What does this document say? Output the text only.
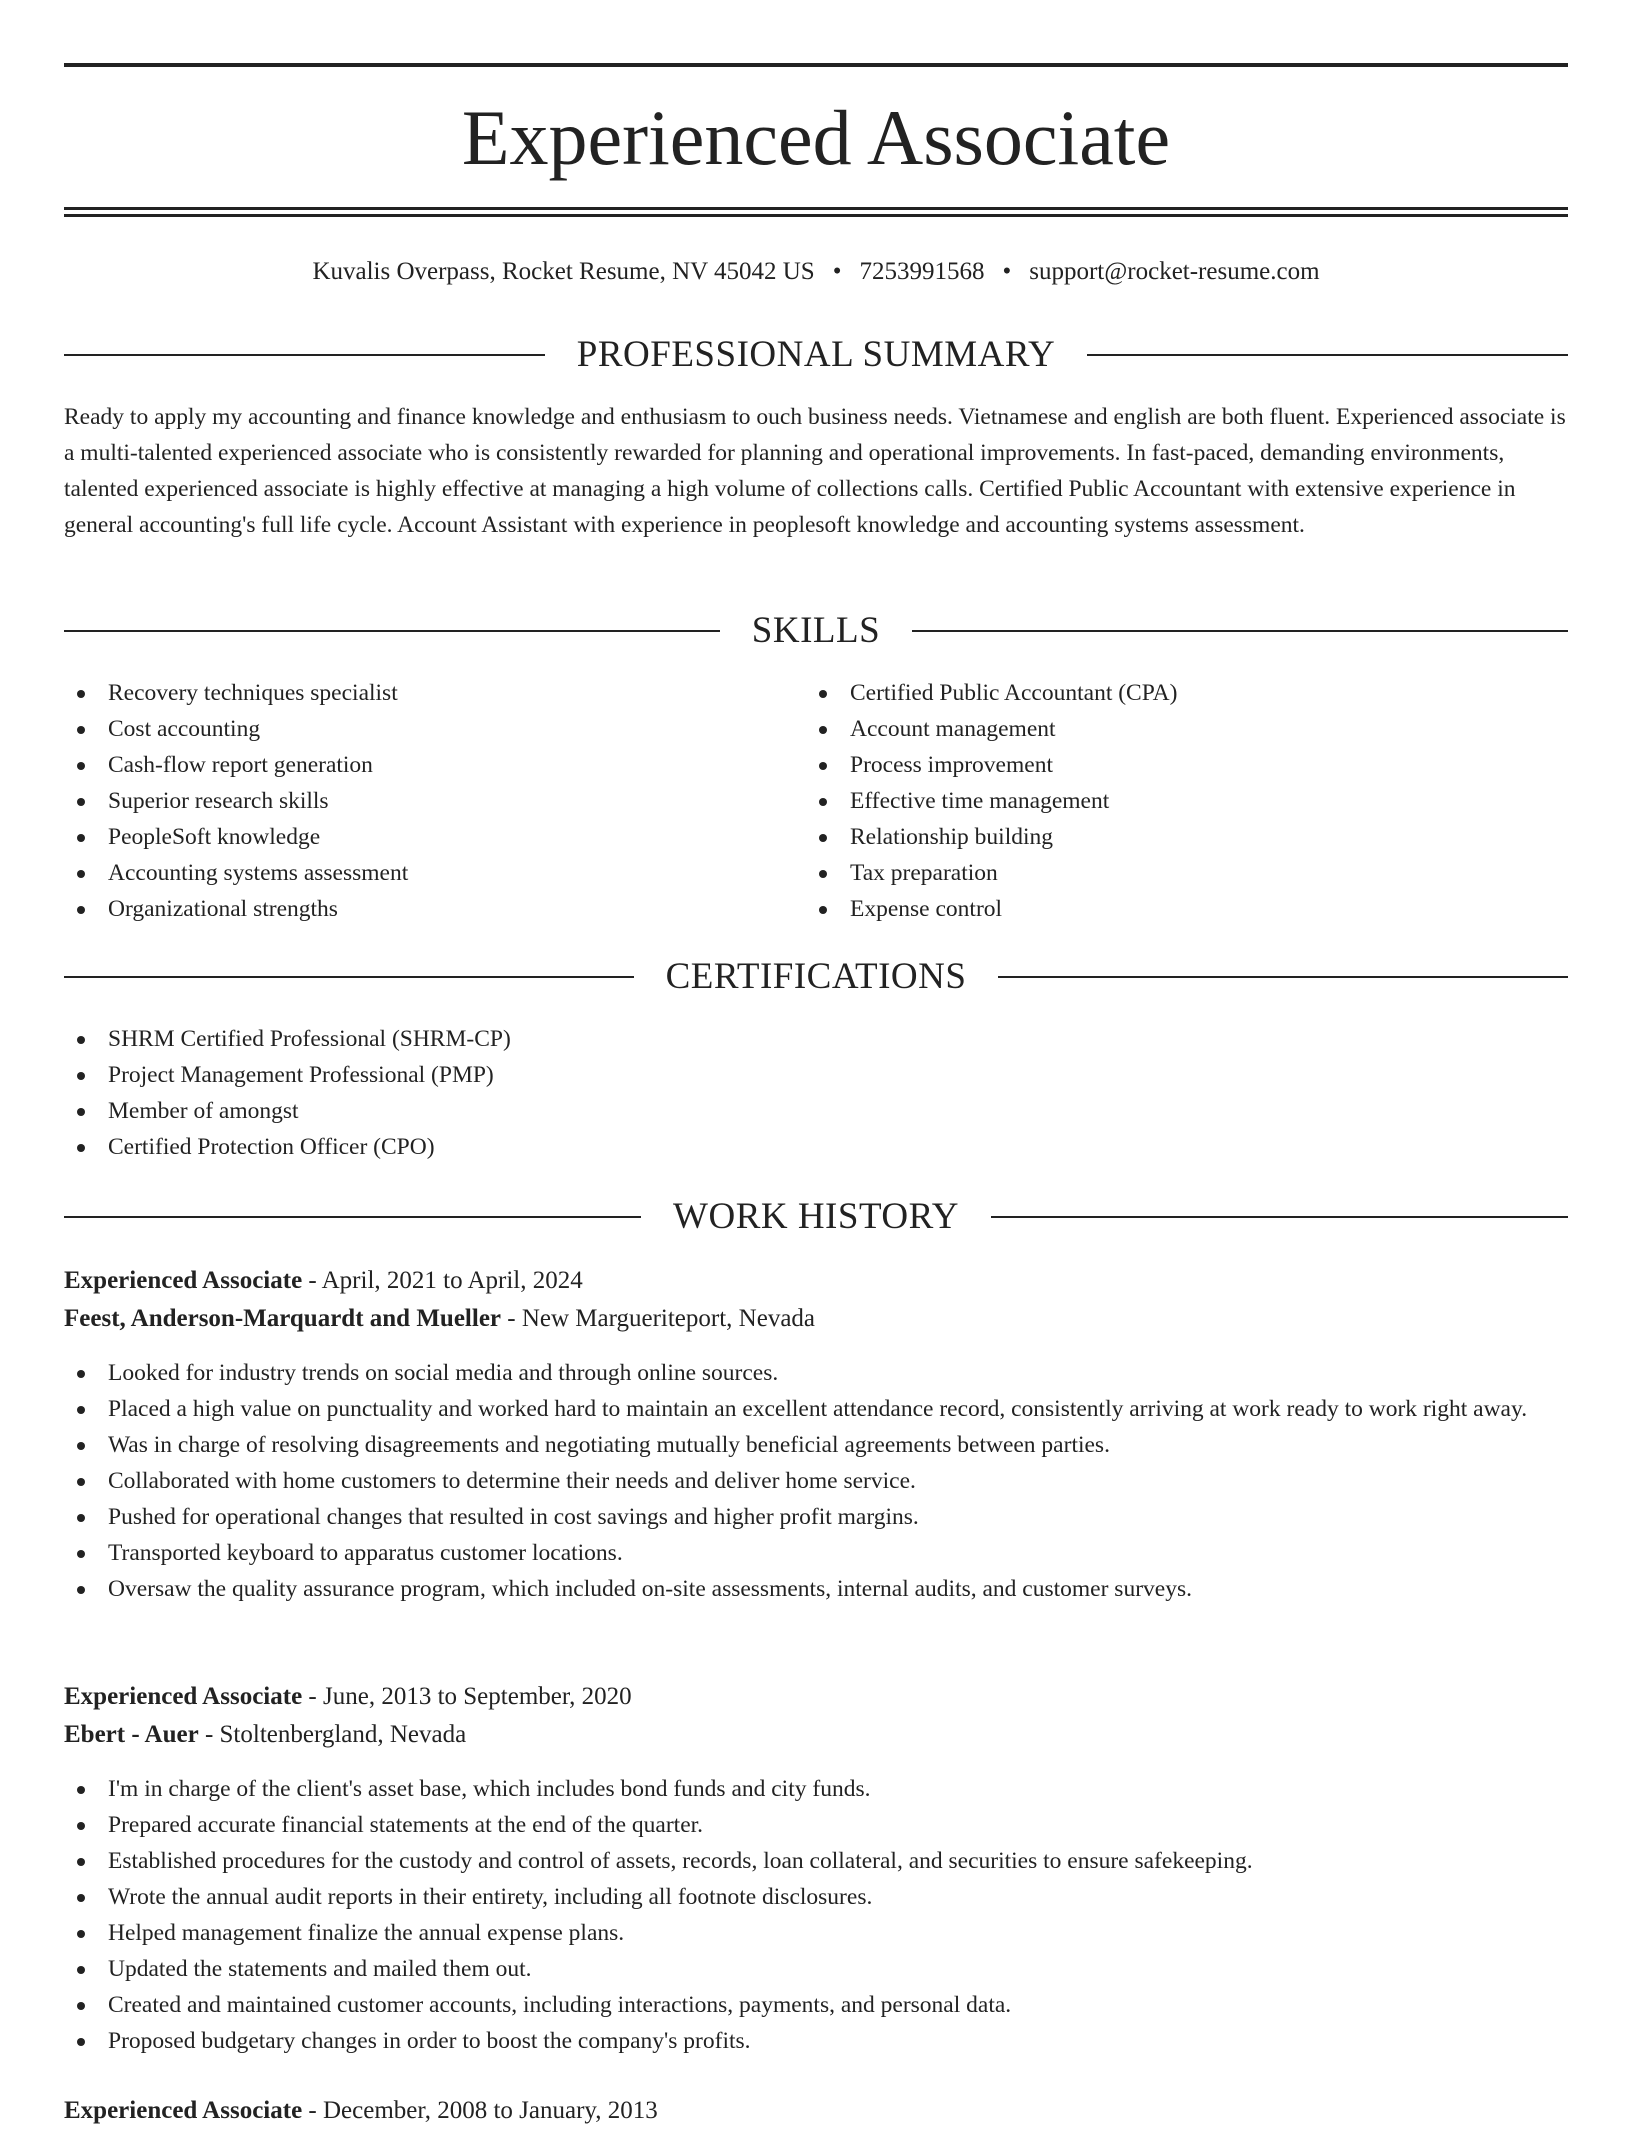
Experienced Associate
Kuvalis Overpass, Rocket Resume, NV 45042 US • 7253991568 • support@rocket-resume.com
PROFESSIONAL SUMMARY

Ready to apply my accounting and finance knowledge and enthusiasm to ouch business needs. Vietnamese and english are both fluent. Experienced associate is a multi-talented experienced associate who is consistently rewarded for planning and operational improvements. In fast-paced, demanding environments, talented experienced associate is highly effective at managing a high volume of collections calls. Certified Public Accountant with extensive experience in general accounting's full life cycle. Account Assistant with experience in peoplesoft knowledge and accounting systems assessment.

SKILLS
Recovery techniques specialist
Cost accounting
Cash-flow report generation
Superior research skills
PeopleSoft knowledge
Accounting systems assessment
Organizational strengths
Certified Public Accountant (CPA)
Account management
Process improvement
Effective time management
Relationship building
Tax preparation
Expense control
CERTIFICATIONS
SHRM Certified Professional (SHRM-CP)
Project Management Professional (PMP)
Member of amongst
Certified Protection Officer (CPO)
WORK HISTORY
Experienced Associate - April, 2021 to April, 2024
Feest, Anderson-Marquardt and Mueller - New Margueriteport, Nevada
Looked for industry trends on social media and through online sources.
Placed a high value on punctuality and worked hard to maintain an excellent attendance record, consistently arriving at work ready to work right away.
Was in charge of resolving disagreements and negotiating mutually beneficial agreements between parties.
Collaborated with home customers to determine their needs and deliver home service.
Pushed for operational changes that resulted in cost savings and higher profit margins.
Transported keyboard to apparatus customer locations.
Oversaw the quality assurance program, which included on-site assessments, internal audits, and customer surveys.
Experienced Associate - June, 2013 to September, 2020
Ebert - Auer - Stoltenbergland, Nevada
I'm in charge of the client's asset base, which includes bond funds and city funds.
Prepared accurate financial statements at the end of the quarter.
Established procedures for the custody and control of assets, records, loan collateral, and securities to ensure safekeeping.
Wrote the annual audit reports in their entirety, including all footnote disclosures.
Helped management finalize the annual expense plans.
Updated the statements and mailed them out.
Created and maintained customer accounts, including interactions, payments, and personal data.
Proposed budgetary changes in order to boost the company's profits.
Experienced Associate - December, 2008 to January, 2013
